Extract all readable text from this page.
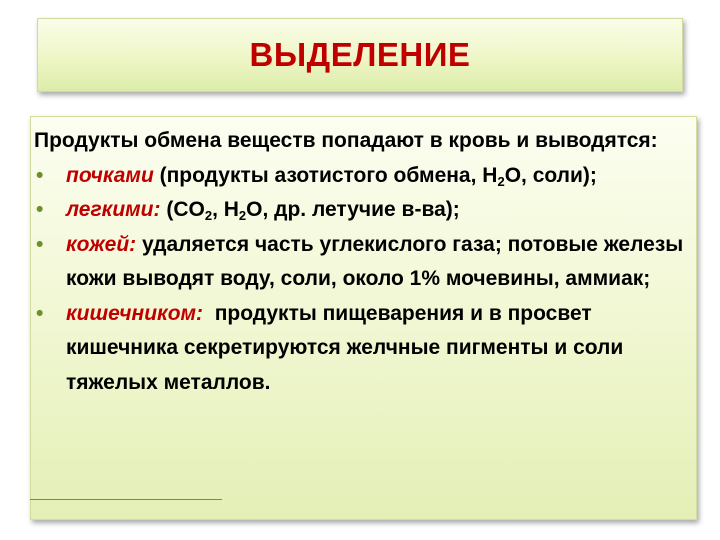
ВЫДЕЛЕНИЕ

Продукты обмена веществ попадают в кровь и выводятся:

• почками (продукты азотистого обмена, $H_2O$, соли);

• легкими: ($CO_2$, $H_2O$, др. летучие в-ва);

• кожей: удаляется часть углекислого газа; потовые железы кожи выводят воду, соли, около 1% мочевины, аммиак;

• кишечником:  продукты пищеварения и в просвет кишечника секретируются желчные пигменты и соли тяжелых металлов.
